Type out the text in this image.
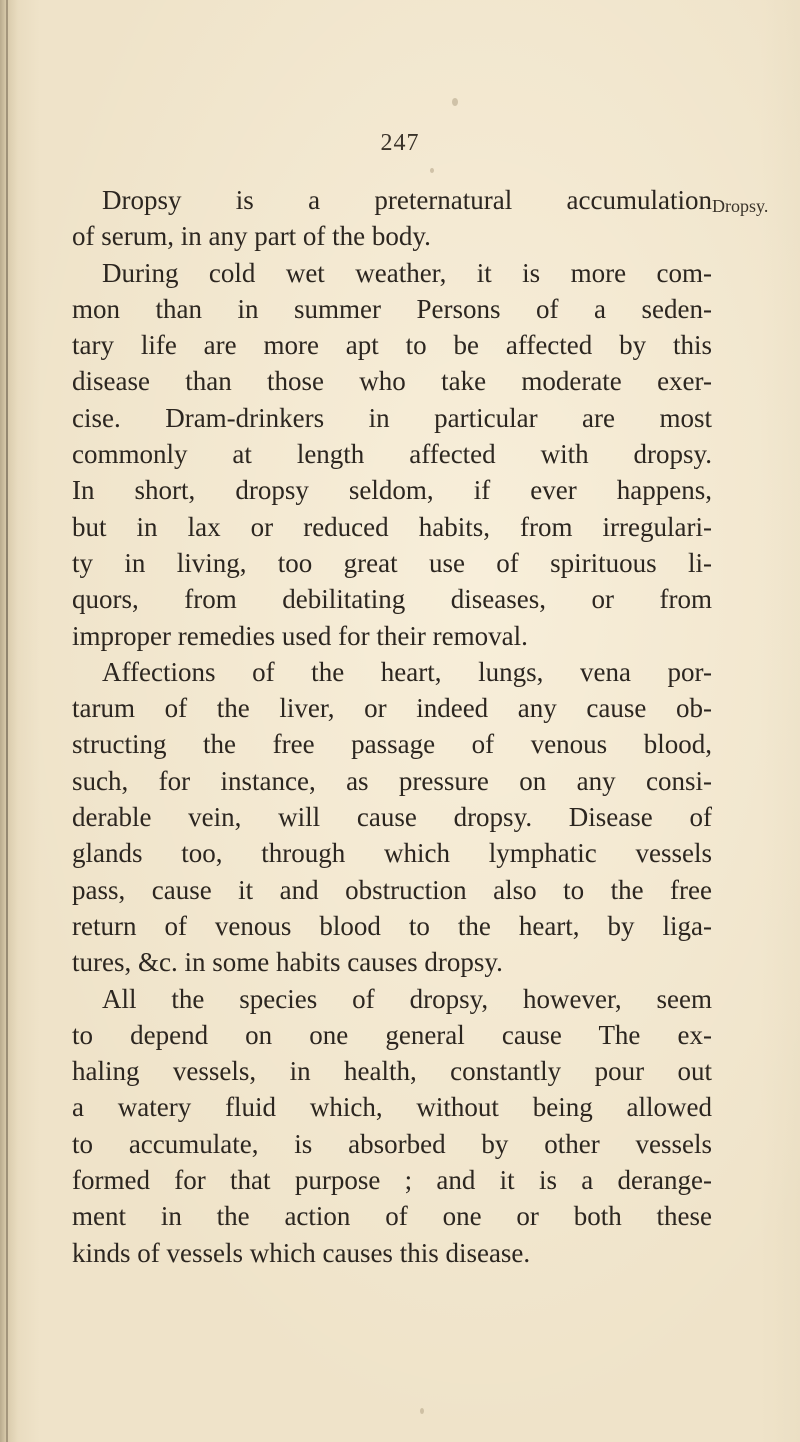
247
Dropsy.
Dropsy is a preternatural accumulation
of serum, in any part of the body.
During cold wet weather, it is more com-
mon than in summer Persons of a seden-
tary life are more apt to be affected by this
disease than those who take moderate exer-
cise. Dram-drinkers in particular are most
commonly at length affected with dropsy.
In short, dropsy seldom, if ever happens,
but in lax or reduced habits, from irregulari-
ty in living, too great use of spirituous li-
quors, from debilitating diseases, or from
improper remedies used for their removal.
Affections of the heart, lungs, vena por-
tarum of the liver, or indeed any cause ob-
structing the free passage of venous blood,
such, for instance, as pressure on any consi-
derable vein, will cause dropsy. Disease of
glands too, through which lymphatic vessels
pass, cause it and obstruction also to the free
return of venous blood to the heart, by liga-
tures, &c. in some habits causes dropsy.
All the species of dropsy, however, seem
to depend on one general cause The ex-
haling vessels, in health, constantly pour out
a watery fluid which, without being allowed
to accumulate, is absorbed by other vessels
formed for that purpose ; and it is a derange-
ment in the action of one or both these
kinds of vessels which causes this disease.
